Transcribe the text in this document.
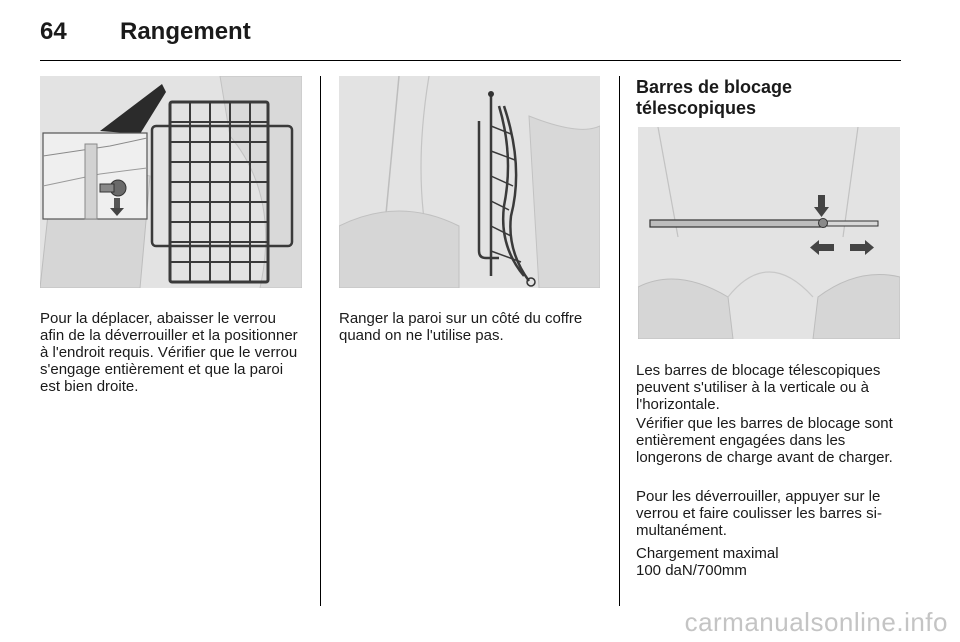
64 Rangement

Pour la déplacer, abaisser le verrou afin de la déverrouiller et la positionner à l'endroit requis. Vérifier que le verrou s'engage entièrement et que la paroi est bien droite.

Ranger la paroi sur un côté du coffre quand on ne l'utilise pas.

Barres de blocage télescopiques

Les barres de blocage télescopiques peuvent s'utiliser à la verticale ou à l'horizontale.

Vérifier que les barres de blocage sont entièrement engagées dans les longerons de charge avant de charger.

Pour les déverrouiller, appuyer sur le verrou et faire coulisser les barres simultanément.

Chargement maximal

100 daN/700mm

carmanualsonline.info
